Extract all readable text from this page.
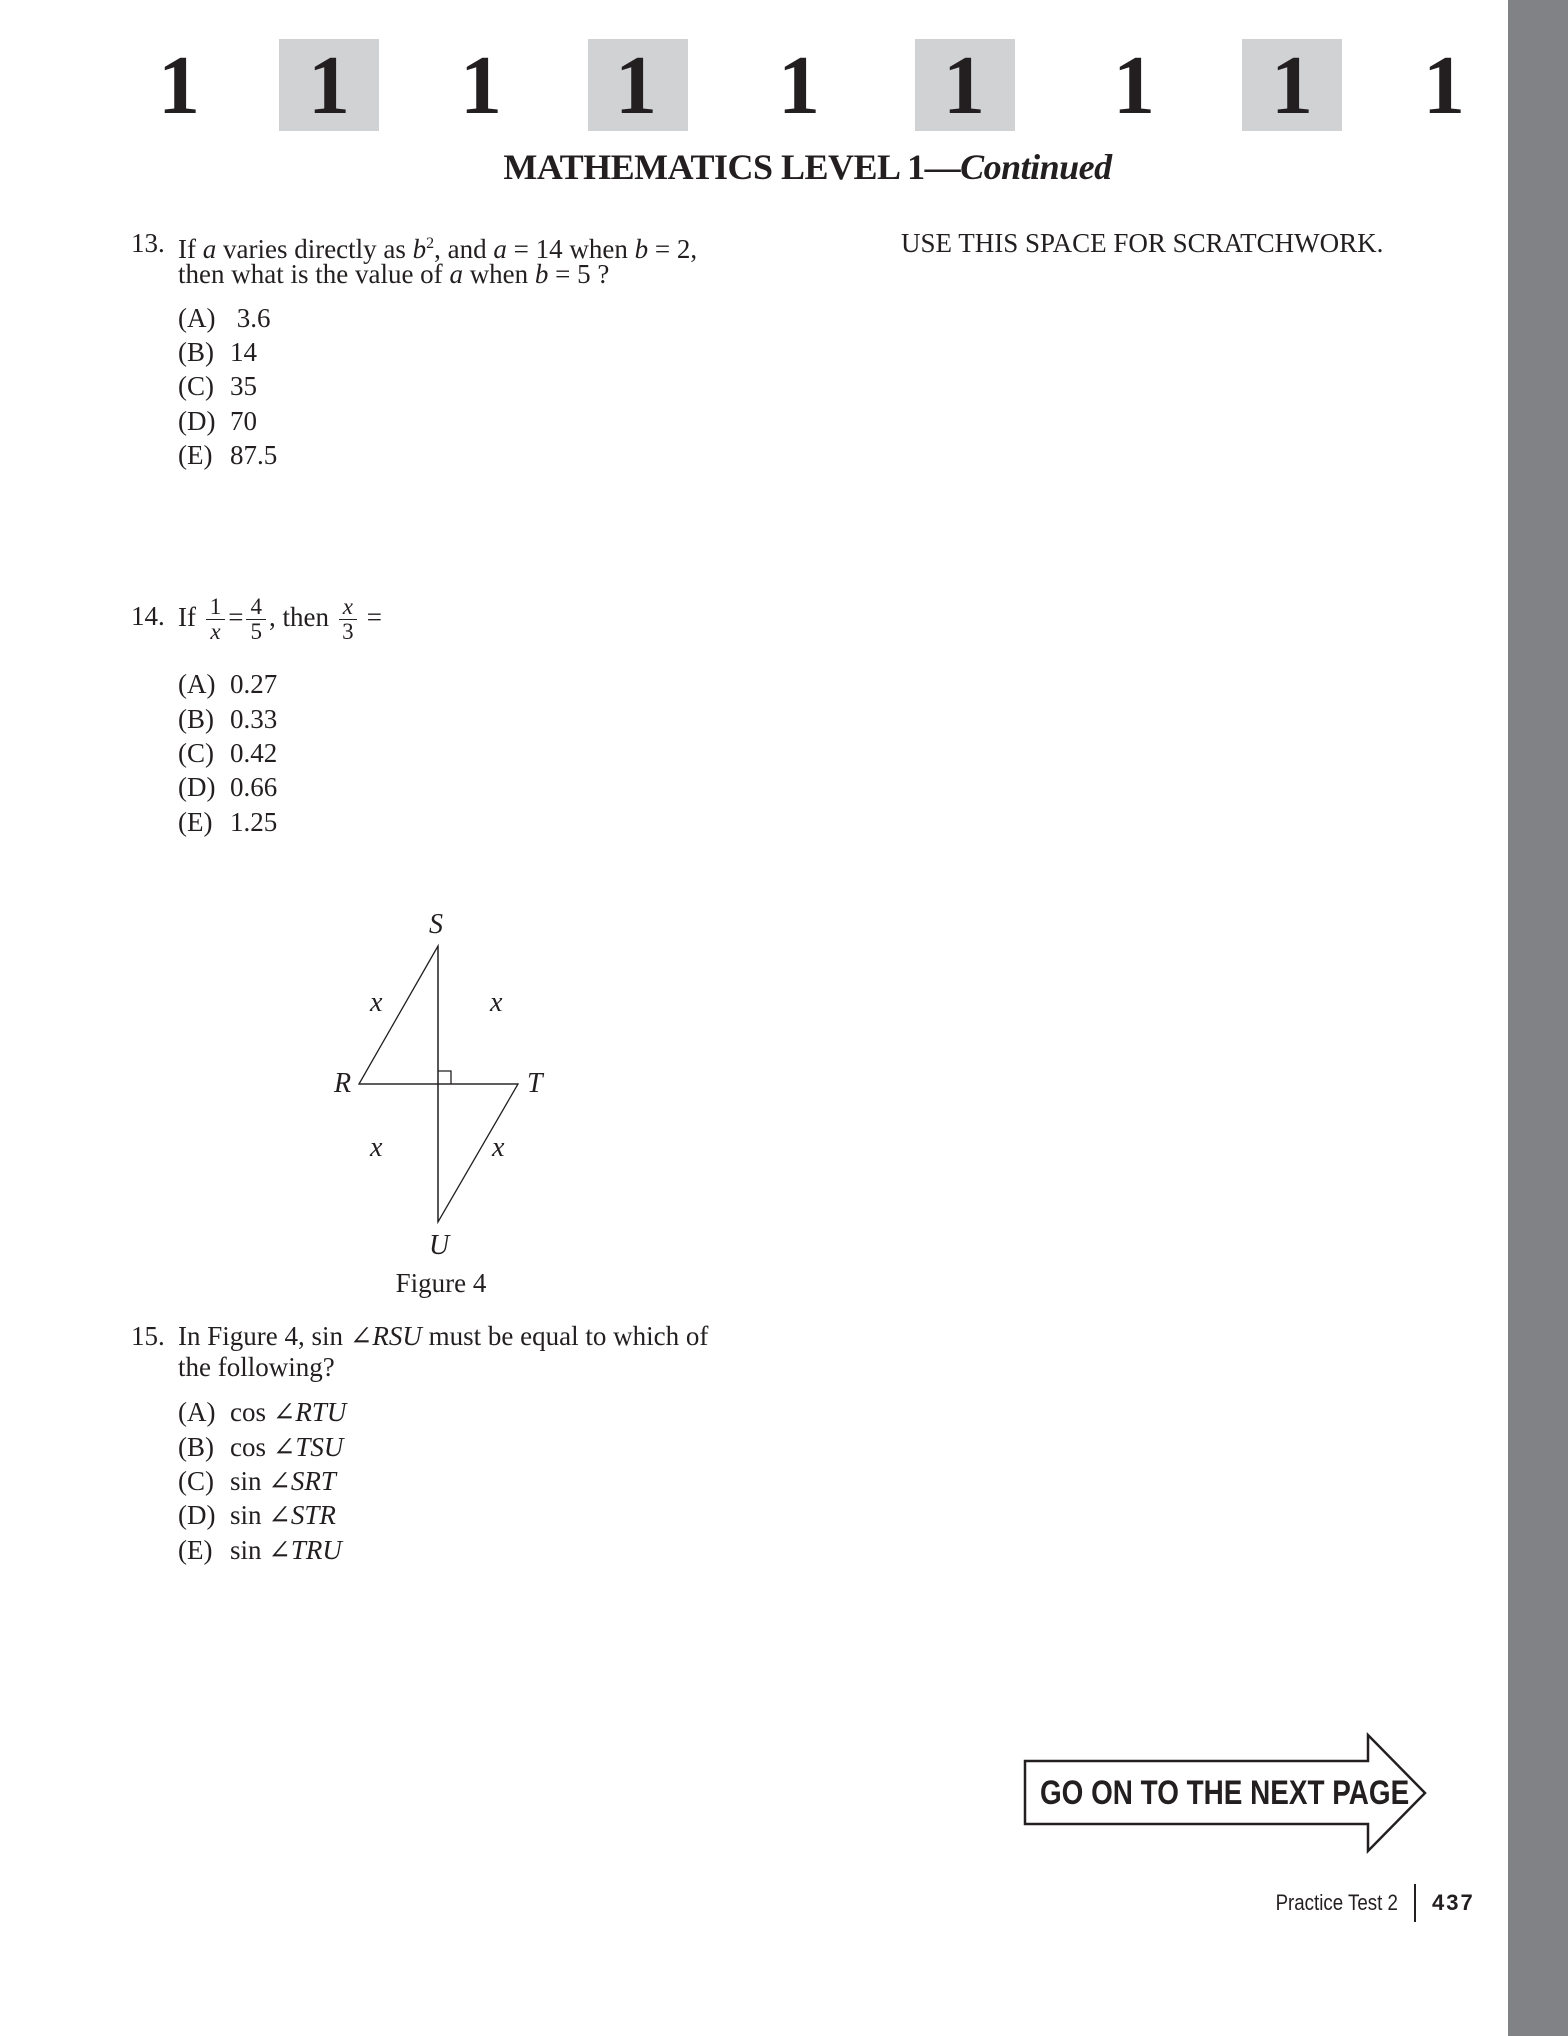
1 1 1 1 1 1 1 1 1
MATHEMATICS LEVEL 1—Continued
USE THIS SPACE FOR SCRATCHWORK.
13. If a varies directly as $b^2$, and a = 14 when b = 2,
then what is the value of a when b = 5 ?
(A) 3.6
(B) 14
(C) 35
(D) 70
(E) 87.5
14. If $\frac{1}{x} = \frac{4}{5}$ , then $\frac{x}{3}$ =
(A) 0.27
(B) 0.33
(C) 0.42
(D) 0.66
(E) 1.25
S
R	T
U
x	x
x	x
Figure 4
15. In Figure 4, sin ∠RSU must be equal to which of
the following?
(A) cos ∠RTU
(B) cos ∠TSU
(C) sin ∠SRT
(D) sin ∠STR
(E) sin ∠TRU
GO ON TO THE NEXT PAGE
Practice Test 2 437
